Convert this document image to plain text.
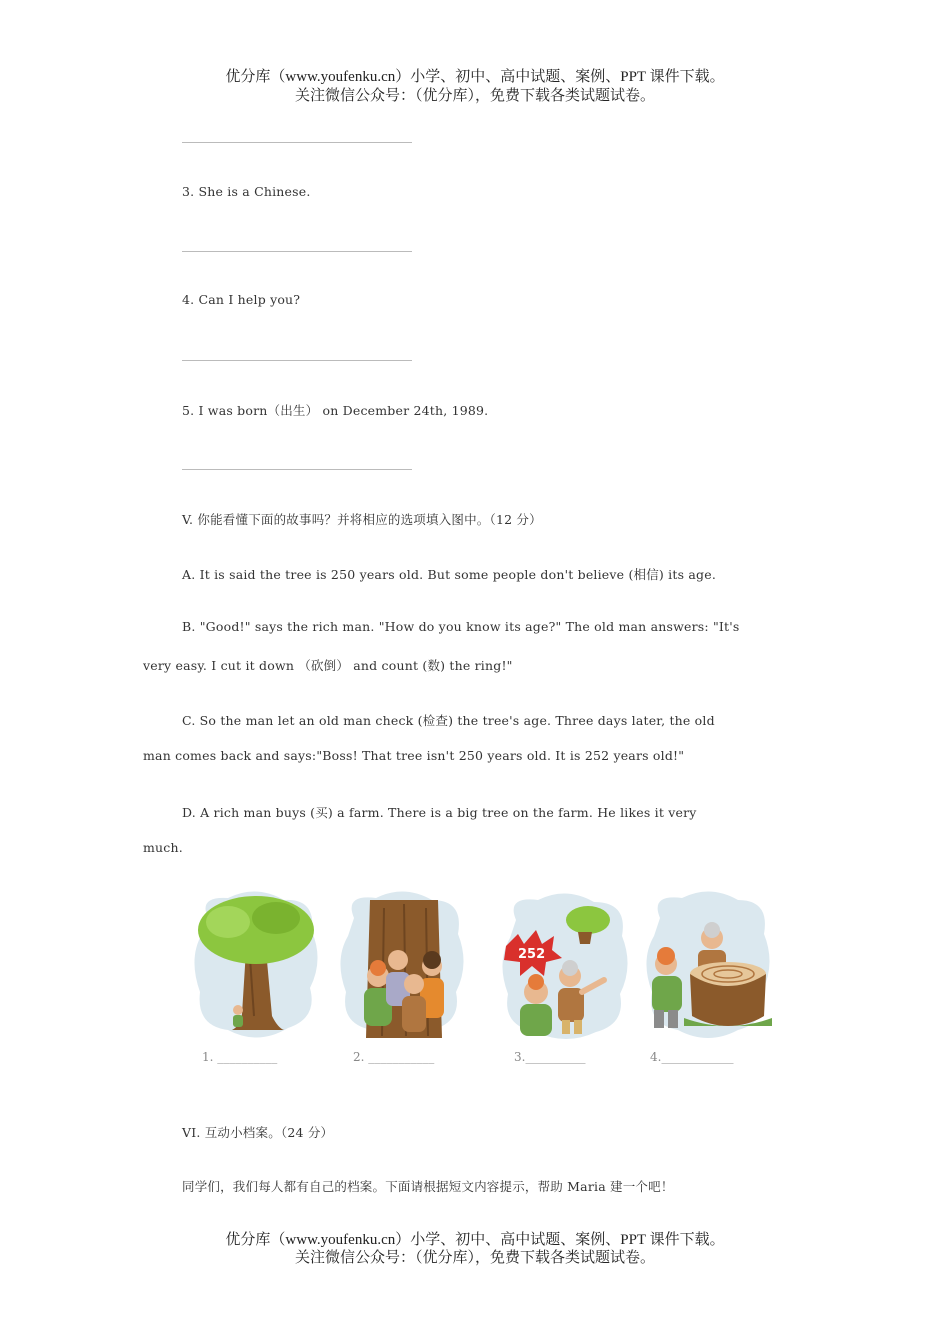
优分库（www.youfenku.cn）小学、初中、高中试题、案例、PPT 课件下载。
关注微信公众号：（优分库），免费下载各类试题试卷。
3. She is a Chinese.
4. Can I help you?
5. I was born（出生） on December 24th, 1989.
V. 你能看懂下面的故事吗？并将相应的选项填入图中。（12 分）
A. It is said the tree is 250 years old. But some people don't believe (相信) its age.
B. "Good!" says the rich man. "How do you know its age?" The old man answers: "It's
very easy. I cut it down （砍倒） and count (数) the ring!"
C. So the man let an old man check (检查) the tree's age. Three days later, the old
man comes back and says:"Boss! That tree isn't 250 years old. It is 252 years old!"
D. A rich man buys (买) a farm. There is a big tree on the farm. He likes it very
much.
252
1. __________	2. ___________	3.__________	4.____________
VI. 互动小档案。（24 分）
同学们，我们每人都有自己的档案。下面请根据短文内容提示，帮助 Maria 建一个吧！
优分库（www.youfenku.cn）小学、初中、高中试题、案例、PPT 课件下载。
关注微信公众号：（优分库），免费下载各类试题试卷。
